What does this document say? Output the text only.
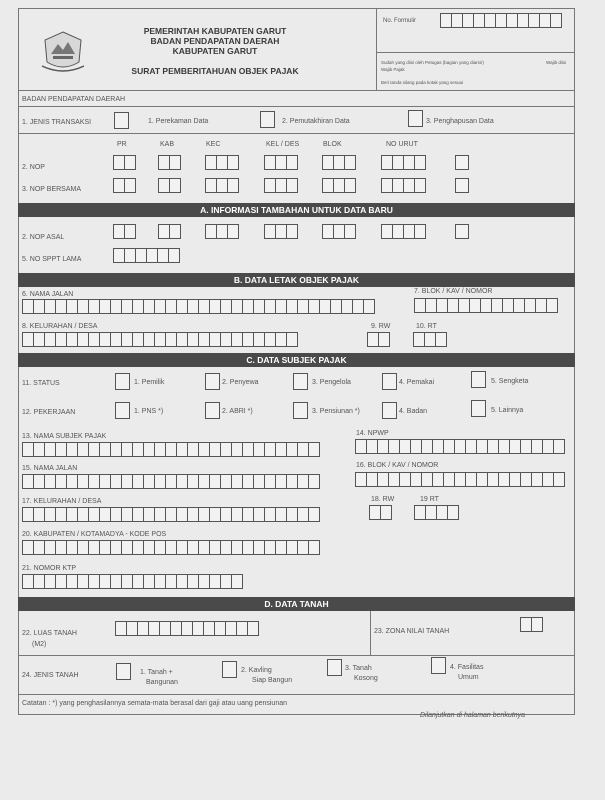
PEMERINTAH KABUPATEN GARUT
BADAN PENDAPATAN DAERAH
KABUPATEN GARUT
SURAT PEMBERITAHUAN OBJEK PAJAK
No. Formulir
Sudah yang diisi oleh Petugas (bagian yang diarsir)
Wajib Pajak
Wajib diisi
Beri tanda silang pada kotak yang sesuai
BADAN PENDAPATAN DAERAH
1. JENIS TRANSAKSI	1. Perekaman Data	2. Pemutakhiran Data	3. Penghapusan Data
PR	KAB	KEC	KEL / DES	BLOK	NO URUT
2. NOP
3. NOP BERSAMA
A. INFORMASI TAMBAHAN UNTUK DATA BARU
2. NOP ASAL
5. NO SPPT LAMA
B. DATA LETAK OBJEK PAJAK
6. NAMA JALAN	7. BLOK / KAV / NOMOR
8. KELURAHAN / DESA	9. RW	10. RT
C. DATA SUBJEK PAJAK
11. STATUS	1. Pemilik	2. Penyewa	3. Pengelola	4. Pemakai	5. Sengketa
12. PEKERJAAN	1. PNS *)	2. ABRI *)	3. Pensiunan *)	4. Badan	5. Lainnya
13. NAMA SUBJEK PAJAK	14. NPWP
15. NAMA JALAN	16. BLOK / KAV / NOMOR
17. KELURAHAN / DESA	18. RW	19 RT
20. KABUPATEN / KOTAMADYA - KODE POS
21. NOMOR KTP
D. DATA TANAH
22. LUAS TANAH
(M2)
23. ZONA NILAI TANAH
24. JENIS TANAH	1. Tanah +
Bangunan
2. Kavling
Siap Bangun
3. Tanah
Kosong
4. Fasilitas
Umum
Catatan : *) yang penghasilannya semata-mata berasal dari gaji atau uang pensiunan
Dilanjutkan di halaman berikutnya
